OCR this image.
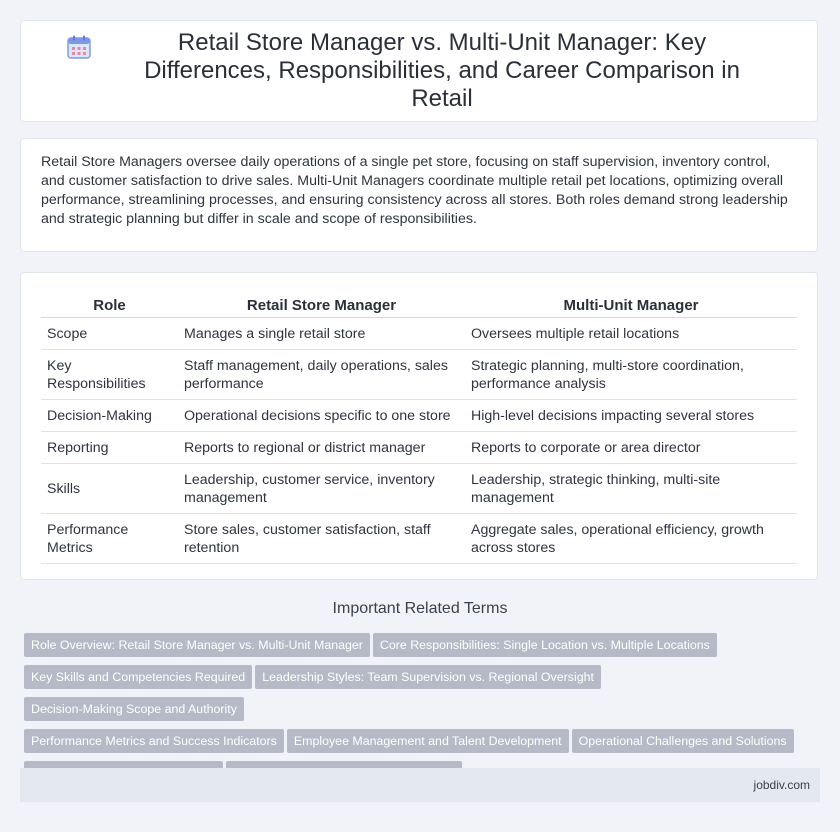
Retail Store Manager vs. Multi-Unit Manager: Key Differences, Responsibilities, and Career Comparison in Retail

Retail Store Managers oversee daily operations of a single pet store, focusing on staff supervision, inventory control, and customer satisfaction to drive sales. Multi-Unit Managers coordinate multiple retail pet locations, optimizing overall performance, streamlining processes, and ensuring consistency across all stores. Both roles demand strong leadership and strategic planning but differ in scale and scope of responsibilities.

Role	Retail Store Manager	Multi-Unit Manager
Scope	Manages a single retail store	Oversees multiple retail locations
Key Responsibilities	Staff management, daily operations, sales performance	Strategic planning, multi-store coordination, performance analysis
Decision-Making	Operational decisions specific to one store	High-level decisions impacting several stores
Reporting	Reports to regional or district manager	Reports to corporate or area director
Skills	Leadership, customer service, inventory management	Leadership, strategic thinking, multi-site management
Performance Metrics	Store sales, customer satisfaction, staff retention	Aggregate sales, operational efficiency, growth across stores
Important Related Terms
Role Overview: Retail Store Manager vs. Multi-Unit Manager Core Responsibilities: Single Location vs. Multiple Locations
Key Skills and Competencies Required Leadership Styles: Team Supervision vs. Regional OversightDecision-Making Scope and Authority
Performance Metrics and Success Indicators Employee Management and Talent Development Operational Challenges and Solutions

jobdiv.com
